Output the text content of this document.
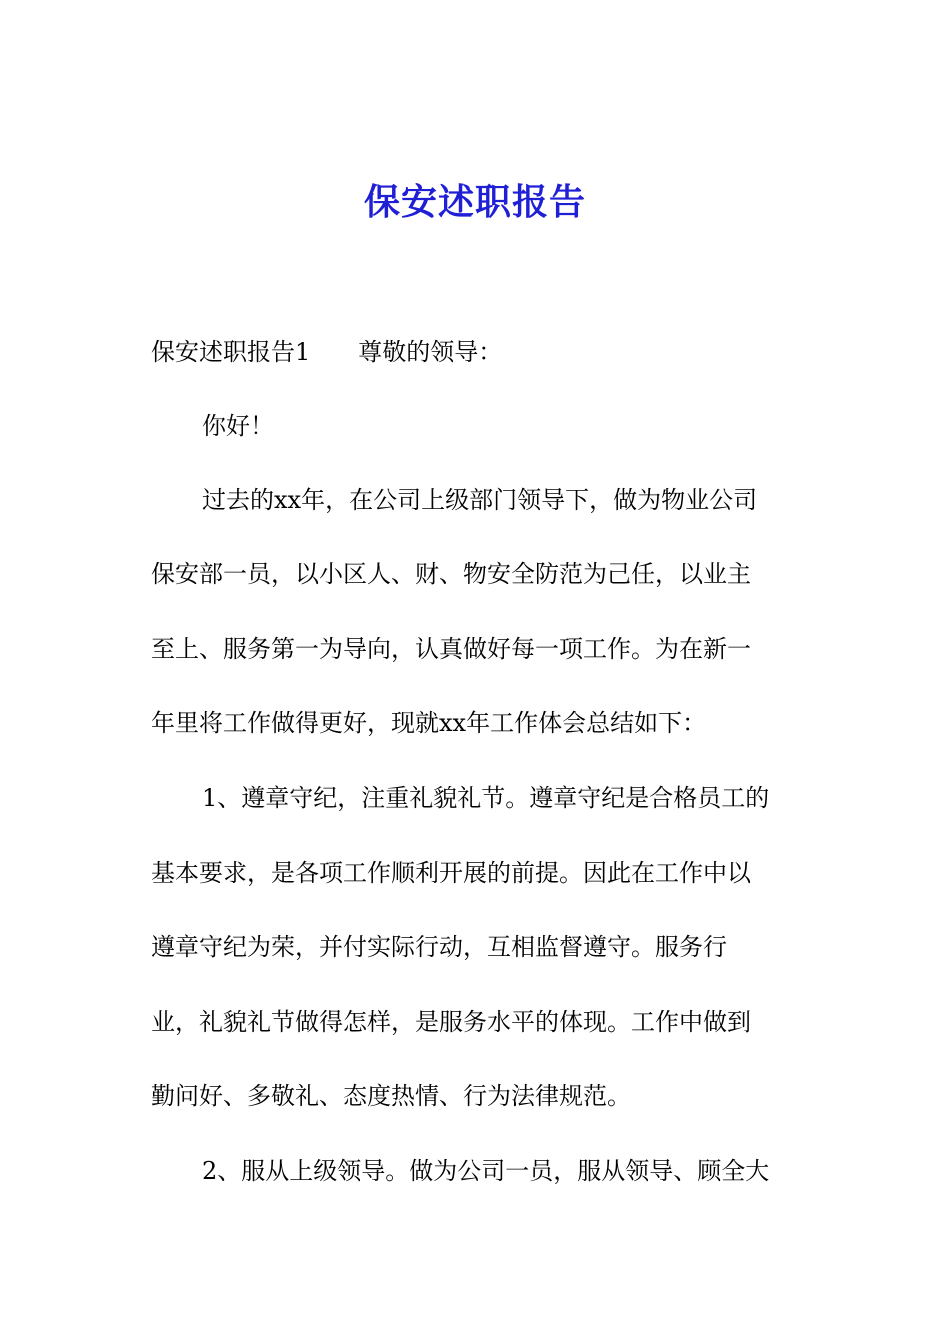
保安述职报告
保安述职报告1 尊敬的领导：
你好！
过去的xx年，在公司上级部门领导下，做为物业公司
保安部一员，以小区人、财、物安全防范为己任，以业主
至上、服务第一为导向，认真做好每一项工作。为在新一
年里将工作做得更好，现就xx年工作体会总结如下：
1、遵章守纪，注重礼貌礼节。遵章守纪是合格员工的
基本要求，是各项工作顺利开展的前提。因此在工作中以
遵章守纪为荣，并付实际行动，互相监督遵守。服务行
业，礼貌礼节做得怎样，是服务水平的体现。工作中做到
勤问好、多敬礼、态度热情、行为法律规范。
2、服从上级领导。做为公司一员，服从领导、顾全大
